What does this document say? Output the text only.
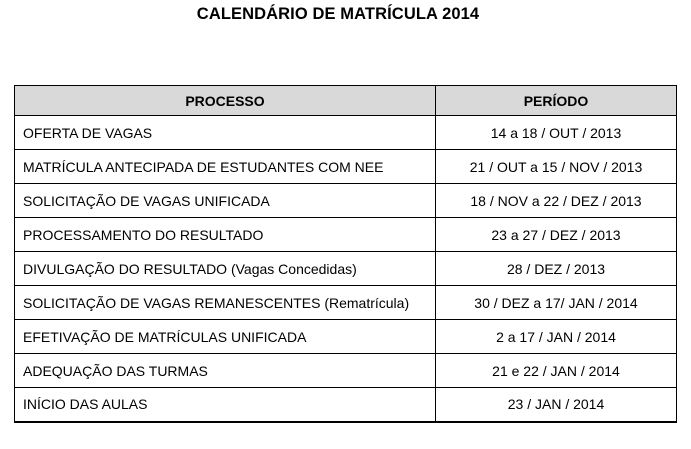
CALENDÁRIO DE MATRÍCULA 2014
PROCESSO	PERÍODO
OFERTA DE VAGAS	14 a 18 / OUT / 2013
MATRÍCULA ANTECIPADA DE ESTUDANTES COM NEE	21 / OUT a 15 / NOV / 2013
SOLICITAÇÃO DE VAGAS UNIFICADA	18 / NOV a 22 / DEZ / 2013
PROCESSAMENTO DO RESULTADO	23 a 27 / DEZ / 2013
DIVULGAÇÃO DO RESULTADO (Vagas Concedidas)	28 / DEZ / 2013
SOLICITAÇÃO DE VAGAS REMANESCENTES (Rematrícula)	30 / DEZ a 17/ JAN / 2014
EFETIVAÇÃO DE MATRÍCULAS UNIFICADA	2 a 17 / JAN / 2014
ADEQUAÇÃO DAS TURMAS	21 e 22 / JAN / 2014
INÍCIO DAS AULAS	23 / JAN / 2014
